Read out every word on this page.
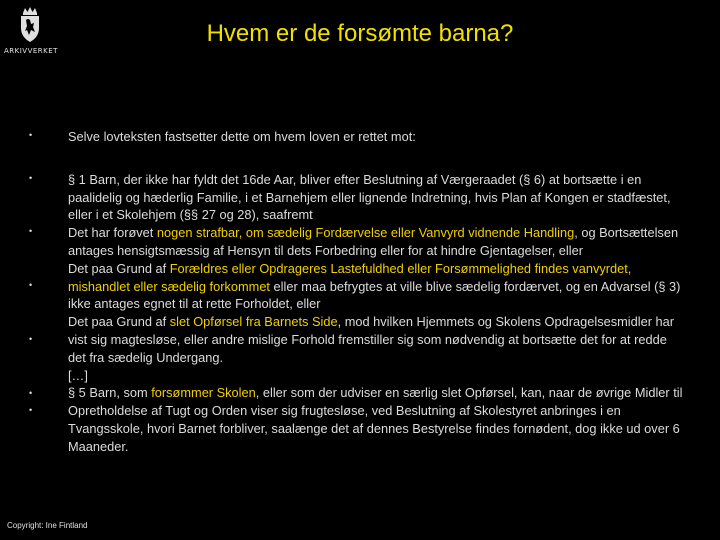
ARKIVVERKET
Hvem er de forsømte barna?
•
•
•
•
•
•
•

Selve lovteksten fastsetter dette om hvem loven er rettet mot:

§ 1 Barn, der ikke har fyldt det 16de Aar, bliver efter Beslutning af Værgeraadet (§ 6) at bortsætte i en paalidelig og hæderlig Familie, i et Barnehjem eller lignende Indretning, hvis Plan af Kongen er stadfæstet, eller i et Skolehjem (§§ 27 og 28), saafremt

Det har forøvet nogen strafbar, om sædelig Fordærvelse eller Vanvyrd vidnende Handling, og Bortsættelsen antages hensigtsmæssig af Hensyn til dets Forbedring eller for at hindre Gjentagelser, eller

Det paa Grund af Forældres eller Opdrageres Lastefuldhed eller Forsømmelighed findes vanvyrdet, mishandlet eller sædelig forkommet eller maa befrygtes at ville blive sædelig fordærvet, og en Advarsel (§ 3) ikke antages egnet til at rette Forholdet, eller

Det paa Grund af slet Opførsel fra Barnets Side, mod hvilken Hjemmets og Skolens Opdragelsesmidler har vist sig magtesløse, eller andre mislige Forhold fremstiller sig som nødvendig at bortsætte det for at redde det fra sædelig Undergang.

[…]

§ 5 Barn, som forsømmer Skolen, eller som der udviser en særlig slet Opførsel, kan, naar de øvrige Midler til Opretholdelse af Tugt og Orden viser sig frugtesløse, ved Beslutning af Skolestyret anbringes i en Tvangsskole, hvori Barnet forbliver, saalænge det af dennes Bestyrelse findes fornødent, dog ikke ud over 6 Maaneder.

Copyright: Ine Fintland
